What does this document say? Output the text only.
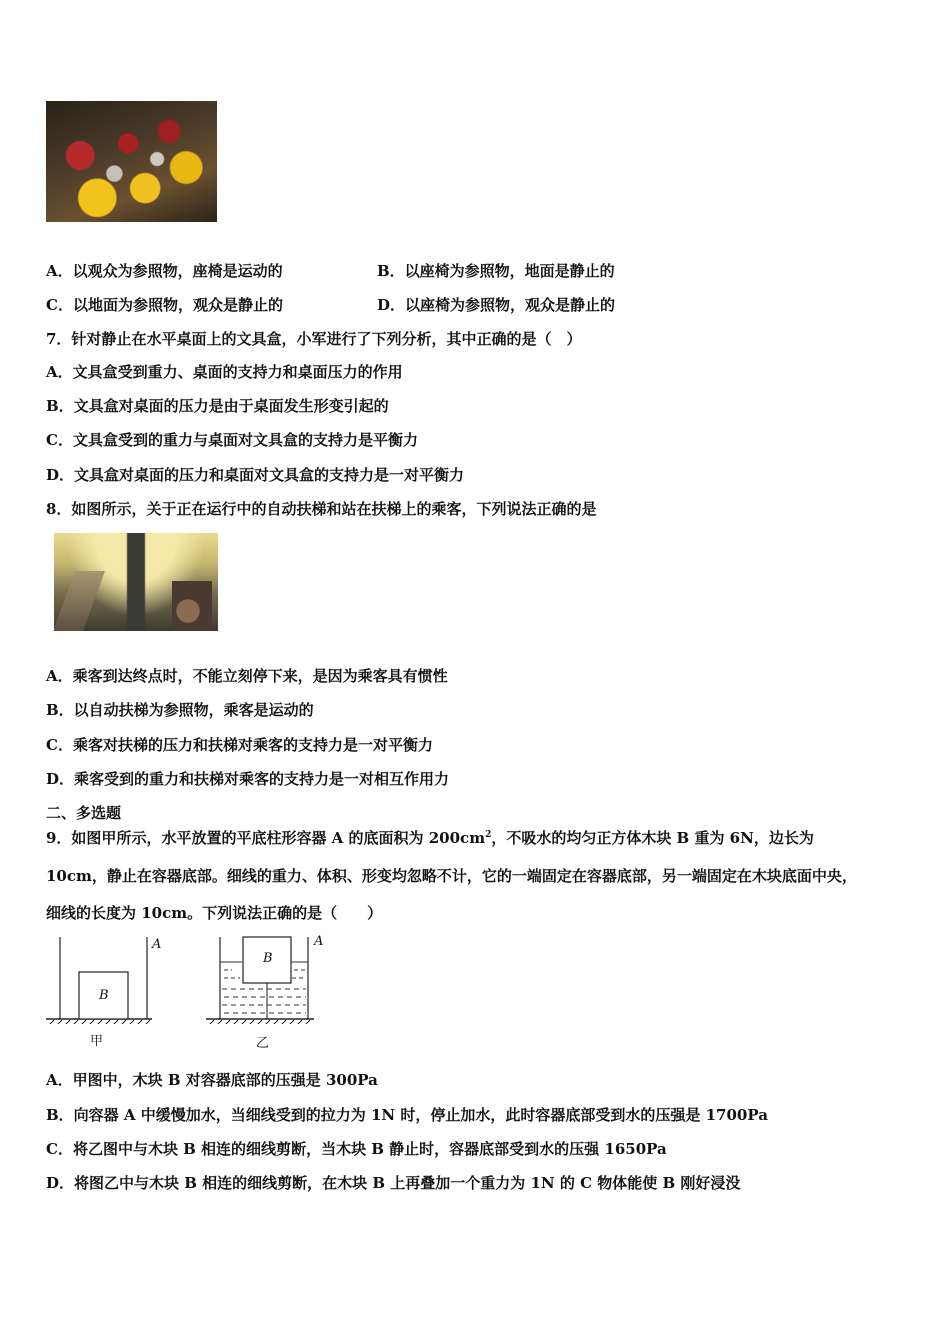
A．以观众为参照物，座椅是运动的	B．以座椅为参照物，地面是静止的
C．以地面为参照物，观众是静止的	D．以座椅为参照物，观众是静止的
7．针对静止在水平桌面上的文具盒，小军进行了下列分析，其中正确的是（　）
A．文具盒受到重力、桌面的支持力和桌面压力的作用
B．文具盒对桌面的压力是由于桌面发生形变引起的
C．文具盒受到的重力与桌面对文具盒的支持力是平衡力
D．文具盒对桌面的压力和桌面对文具盒的支持力是一对平衡力
8．如图所示，关于正在运行中的自动扶梯和站在扶梯上的乘客，下列说法正确的是
A．乘客到达终点时，不能立刻停下来，是因为乘客具有惯性
B．以自动扶梯为参照物，乘客是运动的
C．乘客对扶梯的压力和扶梯对乘客的支持力是一对平衡力
D．乘客受到的重力和扶梯对乘客的支持力是一对相互作用力
二、多选题
9．如图甲所示，水平放置的平底柱形容器 A 的底面积为 $200cm^2$，不吸水的均匀正方体木块 B 重为 6N，边长为
10cm，静止在容器底部。细线的重力、体积、形变均忽略不计，它的一端固定在容器底部，另一端固定在木块底面中央，
细线的长度为 10cm。下列说法正确的是（　　）
A
B
甲
A
B
乙
A．甲图中，木块 B 对容器底部的压强是 300Pa
B．向容器 A 中缓慢加水，当细线受到的拉力为 1N 时，停止加水，此时容器底部受到水的压强是 1700Pa
C．将乙图中与木块 B 相连的细线剪断，当木块 B 静止时，容器底部受到水的压强 1650Pa
D．将图乙中与木块 B 相连的细线剪断，在木块 B 上再叠加一个重力为 1N 的 C 物体能使 B 刚好浸没
